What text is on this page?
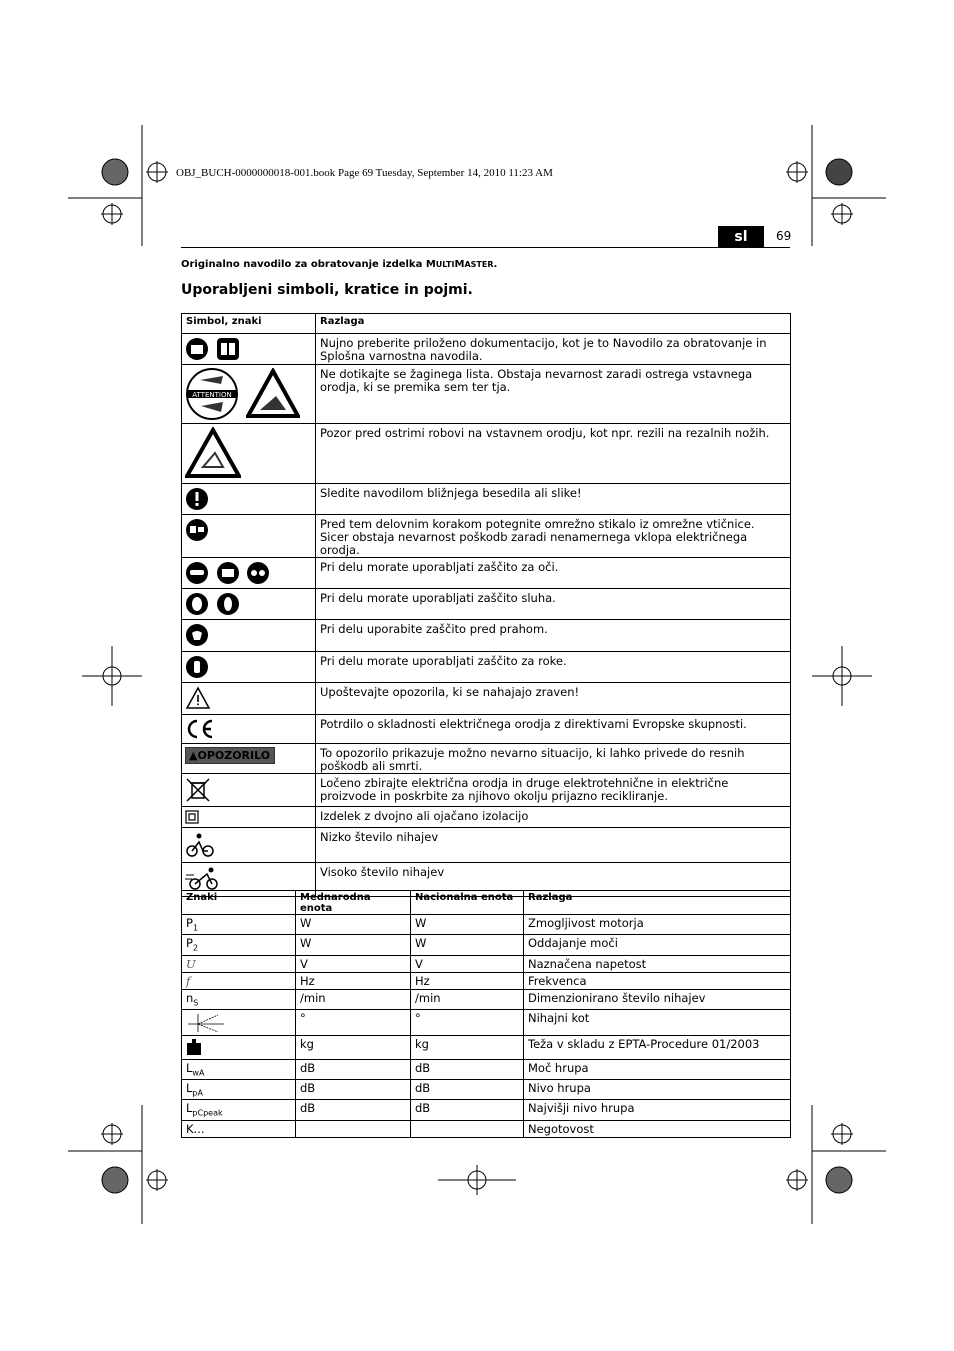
OBJ_BUCH-0000000018-001.book Page 69 Tuesday, September 14, 2010 11:23 AM
sl	69
Originalno navodilo za obratovanje izdelka MULTIMASTER.
Uporabljeni simboli, kratice in pojmi.
Simbol, znaki	Razlaga
	Nujno preberite priloženo dokumentacijo, kot je to Navodilo za obratovanje in Splošna varnostna navodila.

ATTENTION	Ne dotikajte se žaginega lista. Obstaja nevarnost zaradi ostrega vstavnega orodja, ki se premika sem ter tja.
	Pozor pred ostrimi robovi na vstavnem orodju, kot npr. rezili na rezalnih nožih.
	Sledite navodilom bližnjega besedila ali slike!
	Pred tem delovnim korakom potegnite omrežno stikalo iz omrežne vtičnice. Sicer obstaja nevarnost poškodb zaradi nenamernega vklopa električnega orodja.
	Pri delu morate uporabljati zaščito za oči.
	Pri delu morate uporabljati zaščito sluha.
	Pri delu uporabite zaščito pred prahom.
	Pri delu morate uporabljati zaščito za roke.
	Upoštevajte opozorila, ki se nahajajo zraven!
	Potrdilo o skladnosti električnega orodja z direktivami Evropske skupnosti.
▲OPOZORILO	To opozorilo prikazuje možno nevarno situacijo, ki lahko privede do resnih poškodb ali smrti.
	Ločeno zbirajte električna orodja in druge elektrotehnične in električne proizvode in poskrbite za njihovo okolju prijazno recikliranje.
	Izdelek z dvojno ali ojačano izolacijo
	Nizko število nihajev
	Visoko število nihajev
Znaki	Mednarodna enota	Nacionalna enota	Razlaga
$P_1$	W	W	Zmogljivost motorja
$P_2$	W	W	Oddajanje moči
U	V	V	Naznačena napetost
f	Hz	Hz	Frekvenca
$n_S$	/min	/min	Dimenzionirano število nihajev
	°	°	Nihajni kot
	kg	kg	Teža v skladu z EPTA-Procedure 01/2003
$L_{wA}$	dB	dB	Moč hrupa
$L_{pA}$	dB	dB	Nivo hrupa
$L_{pCpeak}$	dB	dB	Najvišji nivo hrupa
K...			Negotovost
